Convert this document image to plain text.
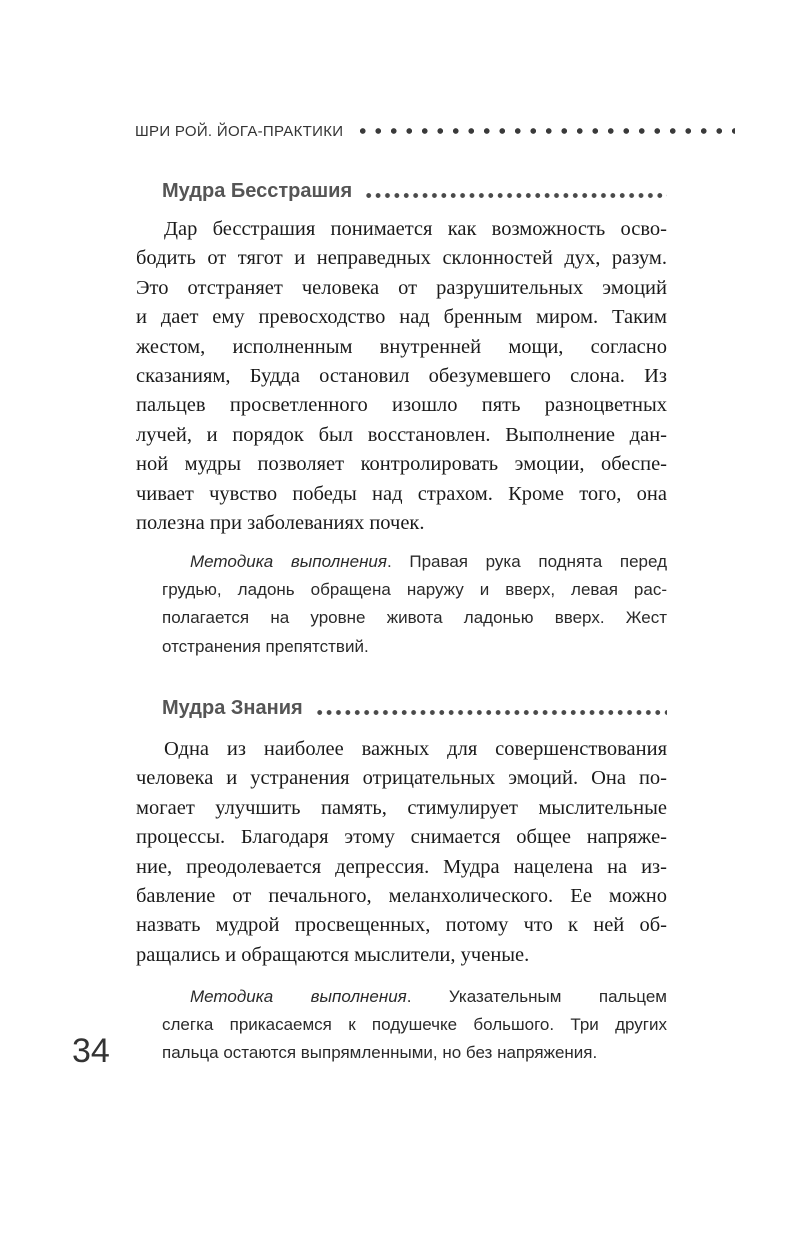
ШРИ РОЙ. ЙОГА-ПРАКТИКИ
Мудра Бесстрашия
Дар бесстрашия понимается как возможность осво-
бодить от тягот и неправедных склонностей дух, разум.
Это отстраняет человека от разрушительных эмоций
и дает ему превосходство над бренным миром. Таким
жестом, исполненным внутренней мощи, согласно
сказаниям, Будда остановил обезумевшего слона. Из
пальцев просветленного изошло пять разноцветных
лучей, и порядок был восстановлен. Выполнение дан-
ной мудры позволяет контролировать эмоции, обеспе-
чивает чувство победы над страхом. Кроме того, она
полезна при заболеваниях почек.
Методика выполнения. Правая рука поднята перед
грудью, ладонь обращена наружу и вверх, левая рас-
полагается на уровне живота ладонью вверх. Жест
отстранения препятствий.
Мудра Знания
Одна из наиболее важных для совершенствования
человека и устранения отрицательных эмоций. Она по-
могает улучшить память, стимулирует мыслительные
процессы. Благодаря этому снимается общее напряже-
ние, преодолевается депрессия. Мудра нацелена на из-
бавление от печального, меланхолического. Ее можно
назвать мудрой просвещенных, потому что к ней об-
ращались и обращаются мыслители, ученые.
Методика выполнения. Указательным пальцем
слегка прикасаемся к подушечке большого. Три других
пальца остаются выпрямленными, но без напряжения.
34
